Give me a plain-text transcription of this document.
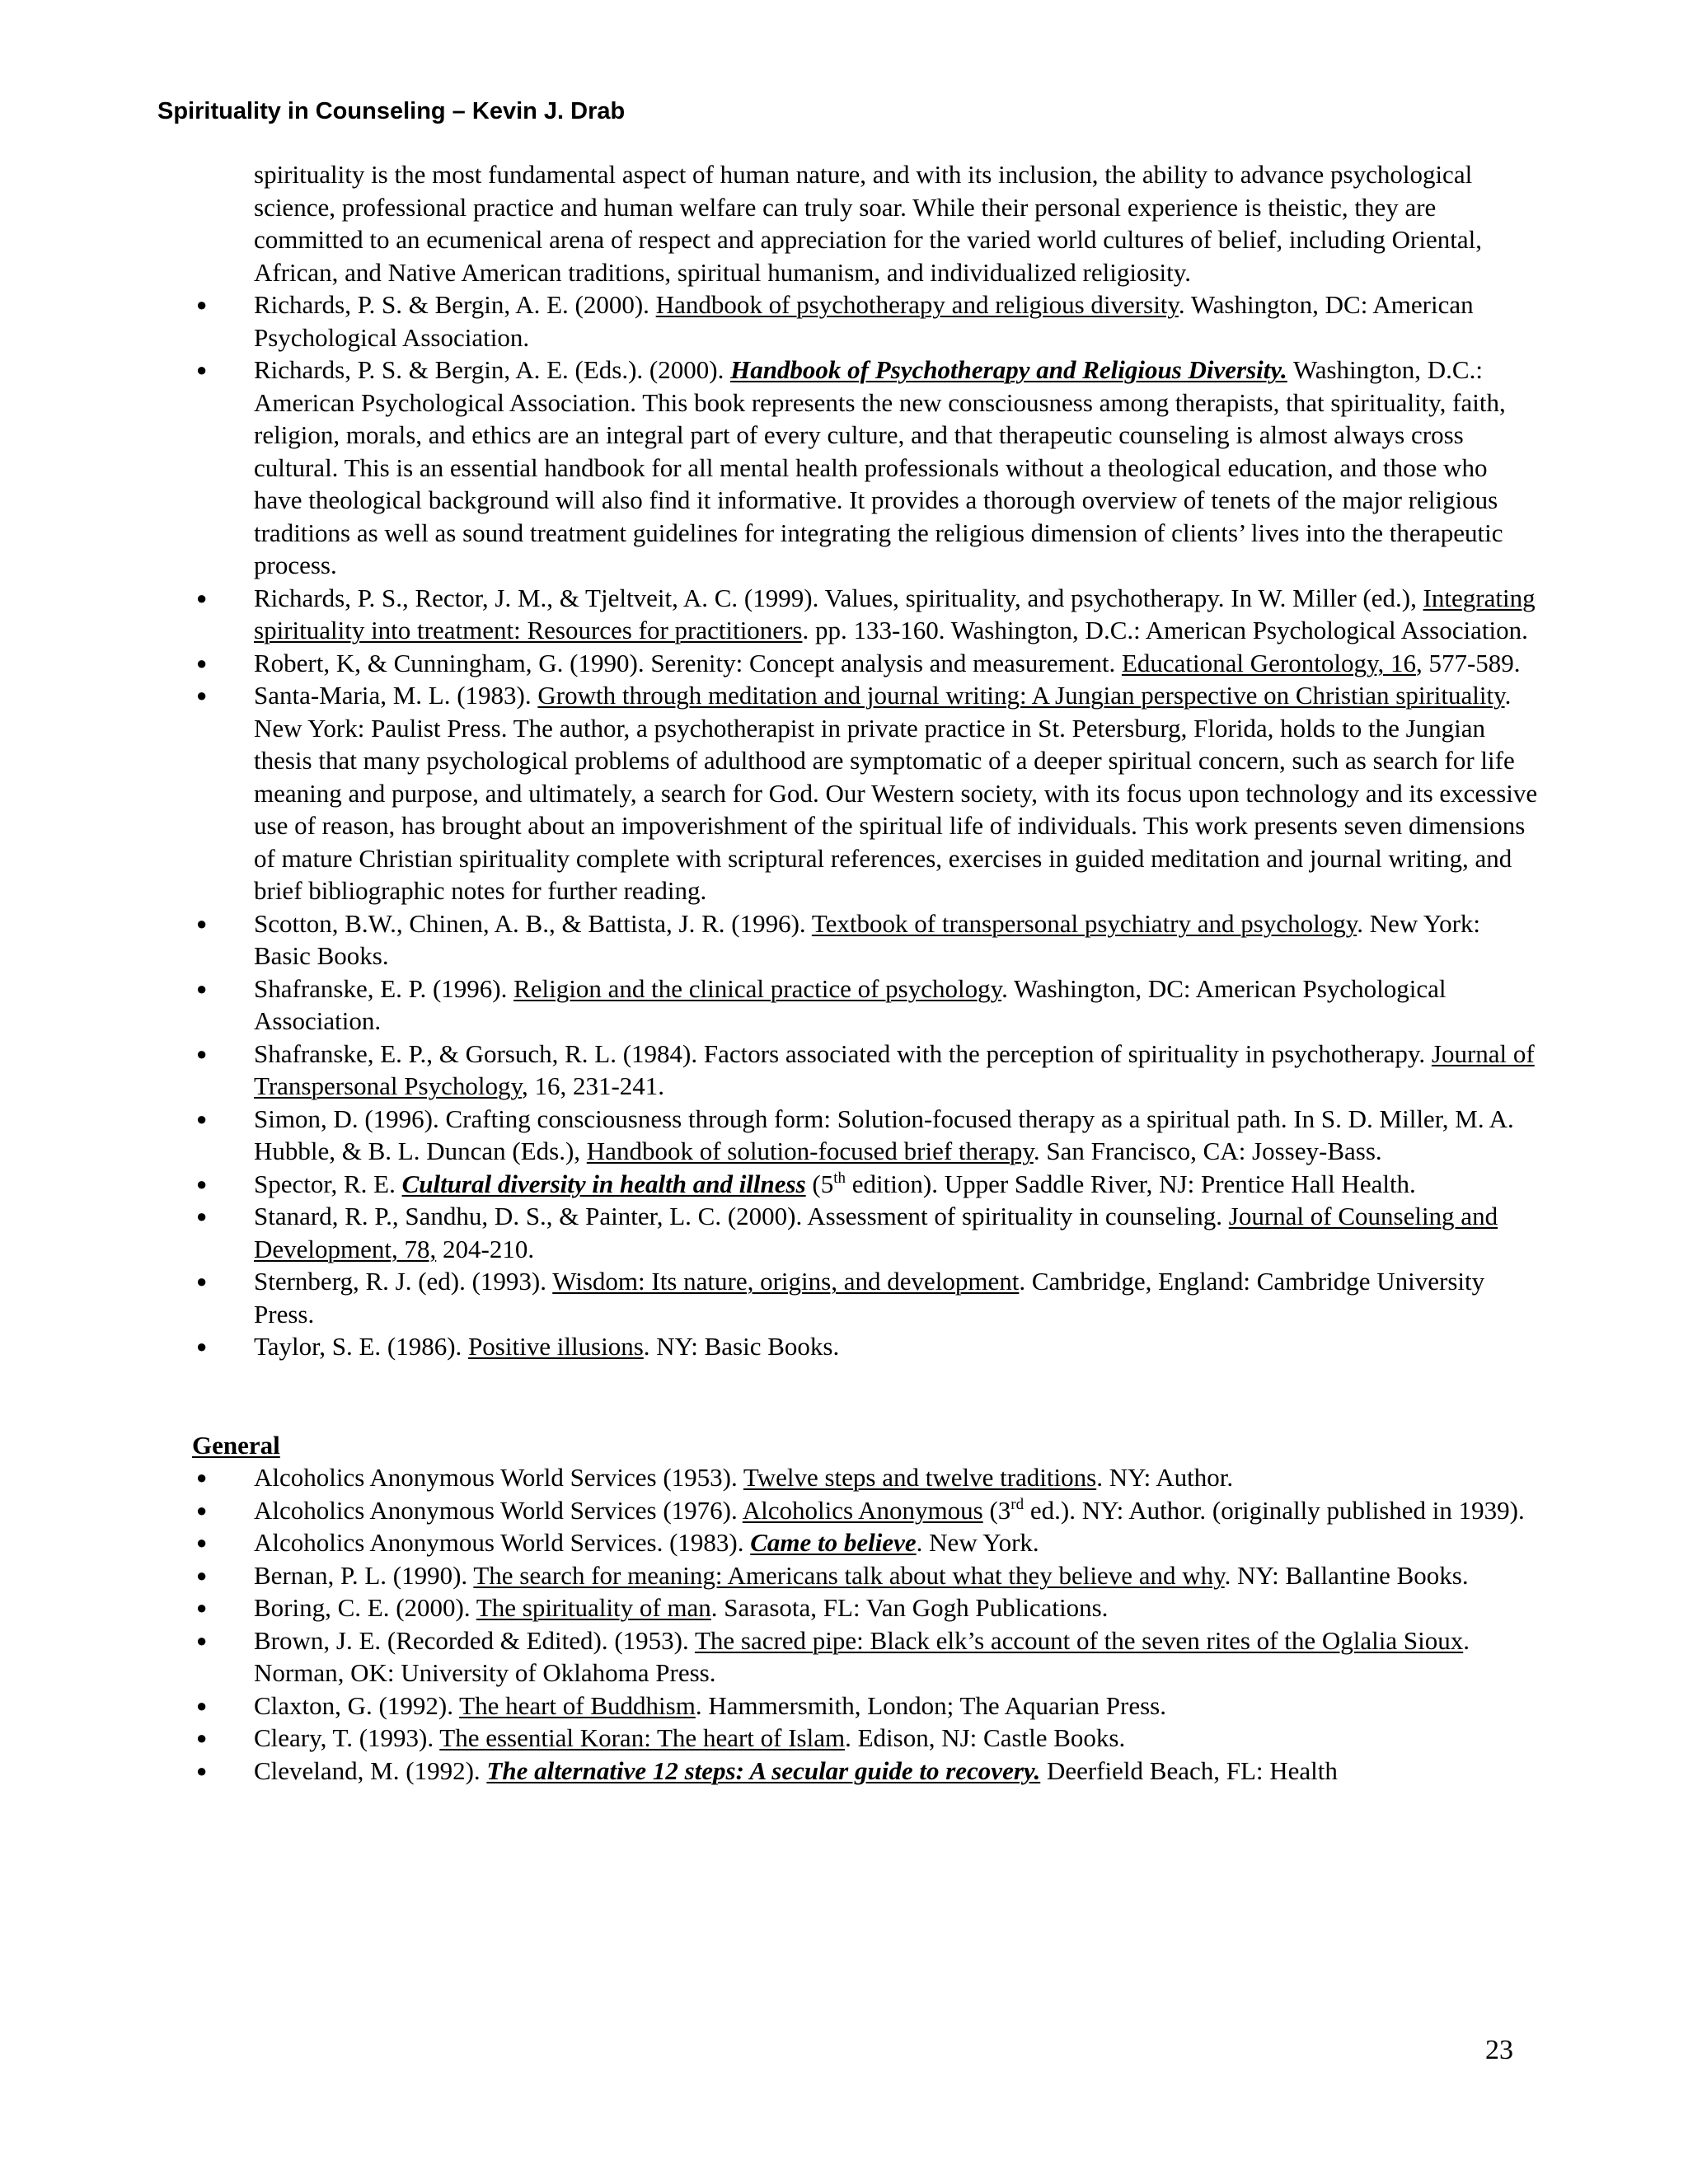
Spirituality in Counseling – Kevin J. Drab

spirituality is the most fundamental aspect of human nature, and with its inclusion, the ability to advance psychological science, professional practice and human welfare can truly soar. While their personal experience is theistic, they are committed to an ecumenical arena of respect and appreciation for the varied world cultures of belief, including Oriental, African, and Native American traditions, spiritual humanism, and individualized religiosity.

● Richards, P. S. & Bergin, A. E. (2000). Handbook of psychotherapy and religious diversity. Washington, DC: American Psychological Association.
● Richards, P. S. & Bergin, A. E. (Eds.). (2000). Handbook of Psychotherapy and Religious Diversity. Washington, D.C.: American Psychological Association. This book represents the new consciousness among therapists, that spirituality, faith, religion, morals, and ethics are an integral part of every culture, and that therapeutic counseling is almost always cross cultural. This is an essential handbook for all mental health professionals without a theological education, and those who have theological background will also find it informative. It provides a thorough overview of tenets of the major religious traditions as well as sound treatment guidelines for integrating the religious dimension of clients’ lives into the therapeutic process.
● Richards, P. S., Rector, J. M., & Tjeltveit, A. C. (1999). Values, spirituality, and psychotherapy. In W. Miller (ed.), Integrating spirituality into treatment: Resources for practitioners. pp. 133-160. Washington, D.C.: American Psychological Association.
● Robert, K, & Cunningham, G. (1990). Serenity: Concept analysis and measurement. Educational Gerontology, 16, 577-589.
● Santa-Maria, M. L. (1983). Growth through meditation and journal writing: A Jungian perspective on Christian spirituality. New York: Paulist Press. The author, a psychotherapist in private practice in St. Petersburg, Florida, holds to the Jungian thesis that many psychological problems of adulthood are symptomatic of a deeper spiritual concern, such as search for life meaning and purpose, and ultimately, a search for God. Our Western society, with its focus upon technology and its excessive use of reason, has brought about an impoverishment of the spiritual life of individuals. This work presents seven dimensions of mature Christian spirituality complete with scriptural references, exercises in guided meditation and journal writing, and brief bibliographic notes for further reading.
● Scotton, B.W., Chinen, A. B., & Battista, J. R. (1996). Textbook of transpersonal psychiatry and psychology. New York: Basic Books.
● Shafranske, E. P. (1996). Religion and the clinical practice of psychology. Washington, DC: American Psychological Association.
● Shafranske, E. P., & Gorsuch, R. L. (1984). Factors associated with the perception of spirituality in psychotherapy. Journal of Transpersonal Psychology, 16, 231-241.
● Simon, D. (1996). Crafting consciousness through form: Solution-focused therapy as a spiritual path. In S. D. Miller, M. A. Hubble, & B. L. Duncan (Eds.), Handbook of solution-focused brief therapy. San Francisco, CA: Jossey-Bass.
● Spector, R. E. Cultural diversity in health and illness (5th edition). Upper Saddle River, NJ: Prentice Hall Health.
● Stanard, R. P., Sandhu, D. S., & Painter, L. C. (2000). Assessment of spirituality in counseling. Journal of Counseling and Development, 78, 204-210.
● Sternberg, R. J. (ed). (1993). Wisdom: Its nature, origins, and development. Cambridge, England: Cambridge University Press.
● Taylor, S. E. (1986). Positive illusions. NY: Basic Books.
General
● Alcoholics Anonymous World Services (1953). Twelve steps and twelve traditions. NY: Author.
● Alcoholics Anonymous World Services (1976). Alcoholics Anonymous (3rd ed.). NY: Author. (originally published in 1939).
● Alcoholics Anonymous World Services. (1983). Came to believe. New York.
● Bernan, P. L. (1990). The search for meaning: Americans talk about what they believe and why. NY: Ballantine Books.
● Boring, C. E. (2000). The spirituality of man. Sarasota, FL: Van Gogh Publications.
● Brown, J. E. (Recorded & Edited). (1953). The sacred pipe: Black elk’s account of the seven rites of the Oglalia Sioux. Norman, OK: University of Oklahoma Press.
● Claxton, G. (1992). The heart of Buddhism. Hammersmith, London; The Aquarian Press.
● Cleary, T. (1993). The essential Koran: The heart of Islam. Edison, NJ: Castle Books.
● Cleveland, M. (1992). The alternative 12 steps: A secular guide to recovery. Deerfield Beach, FL: Health
23
